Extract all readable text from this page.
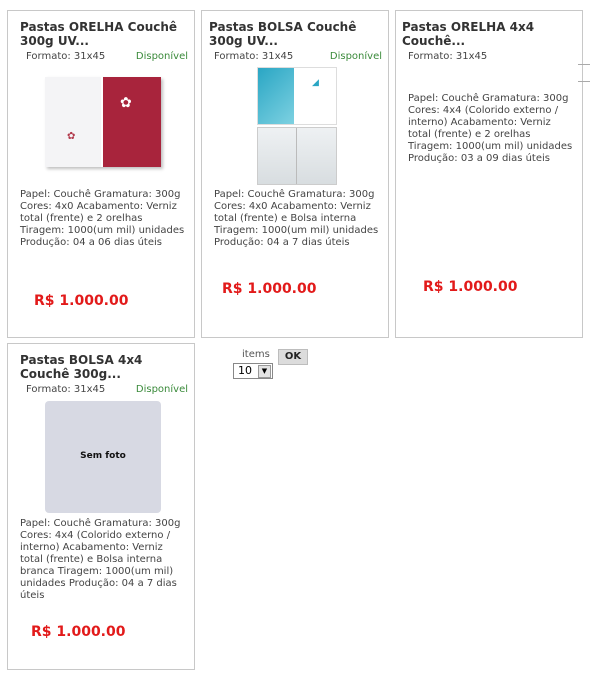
Pastas ORELHA Couchê 300g UV...
Formato: 31x45	Disponível
✿
✿
Papel: Couchê Gramatura: 300g Cores: 4x0 Acabamento: Verniz total (frente) e 2 orelhas Tiragem: 1000(um mil) unidades Produção: 04 a 06 dias úteis
R$ 1.000.00
Pastas BOLSA Couchê 300g UV...
Formato: 31x45	Disponível
◢
Papel: Couchê Gramatura: 300g Cores: 4x0 Acabamento: Verniz total (frente) e Bolsa interna Tiragem: 1000(um mil) unidades Produção: 04 a 7 dias úteis
R$ 1.000.00
Pastas ORELHA 4x4 Couchê...
Formato: 31x45
Papel: Couchê Gramatura: 300g Cores: 4x4 (Colorido externo / interno) Acabamento: Verniz total (frente) e 2 orelhas Tiragem: 1000(um mil) unidades Produção: 03 a 09 dias úteis
R$ 1.000.00
Pastas BOLSA 4x4 Couchê 300g...
Formato: 31x45	Disponível
Sem foto
Papel: Couchê Gramatura: 300g Cores: 4x4 (Colorido externo / interno) Acabamento: Verniz total (frente) e Bolsa interna branca Tiragem: 1000(um mil) unidades Produção: 04 a 7 dias úteis
R$ 1.000.00
items	OK
10	▼
